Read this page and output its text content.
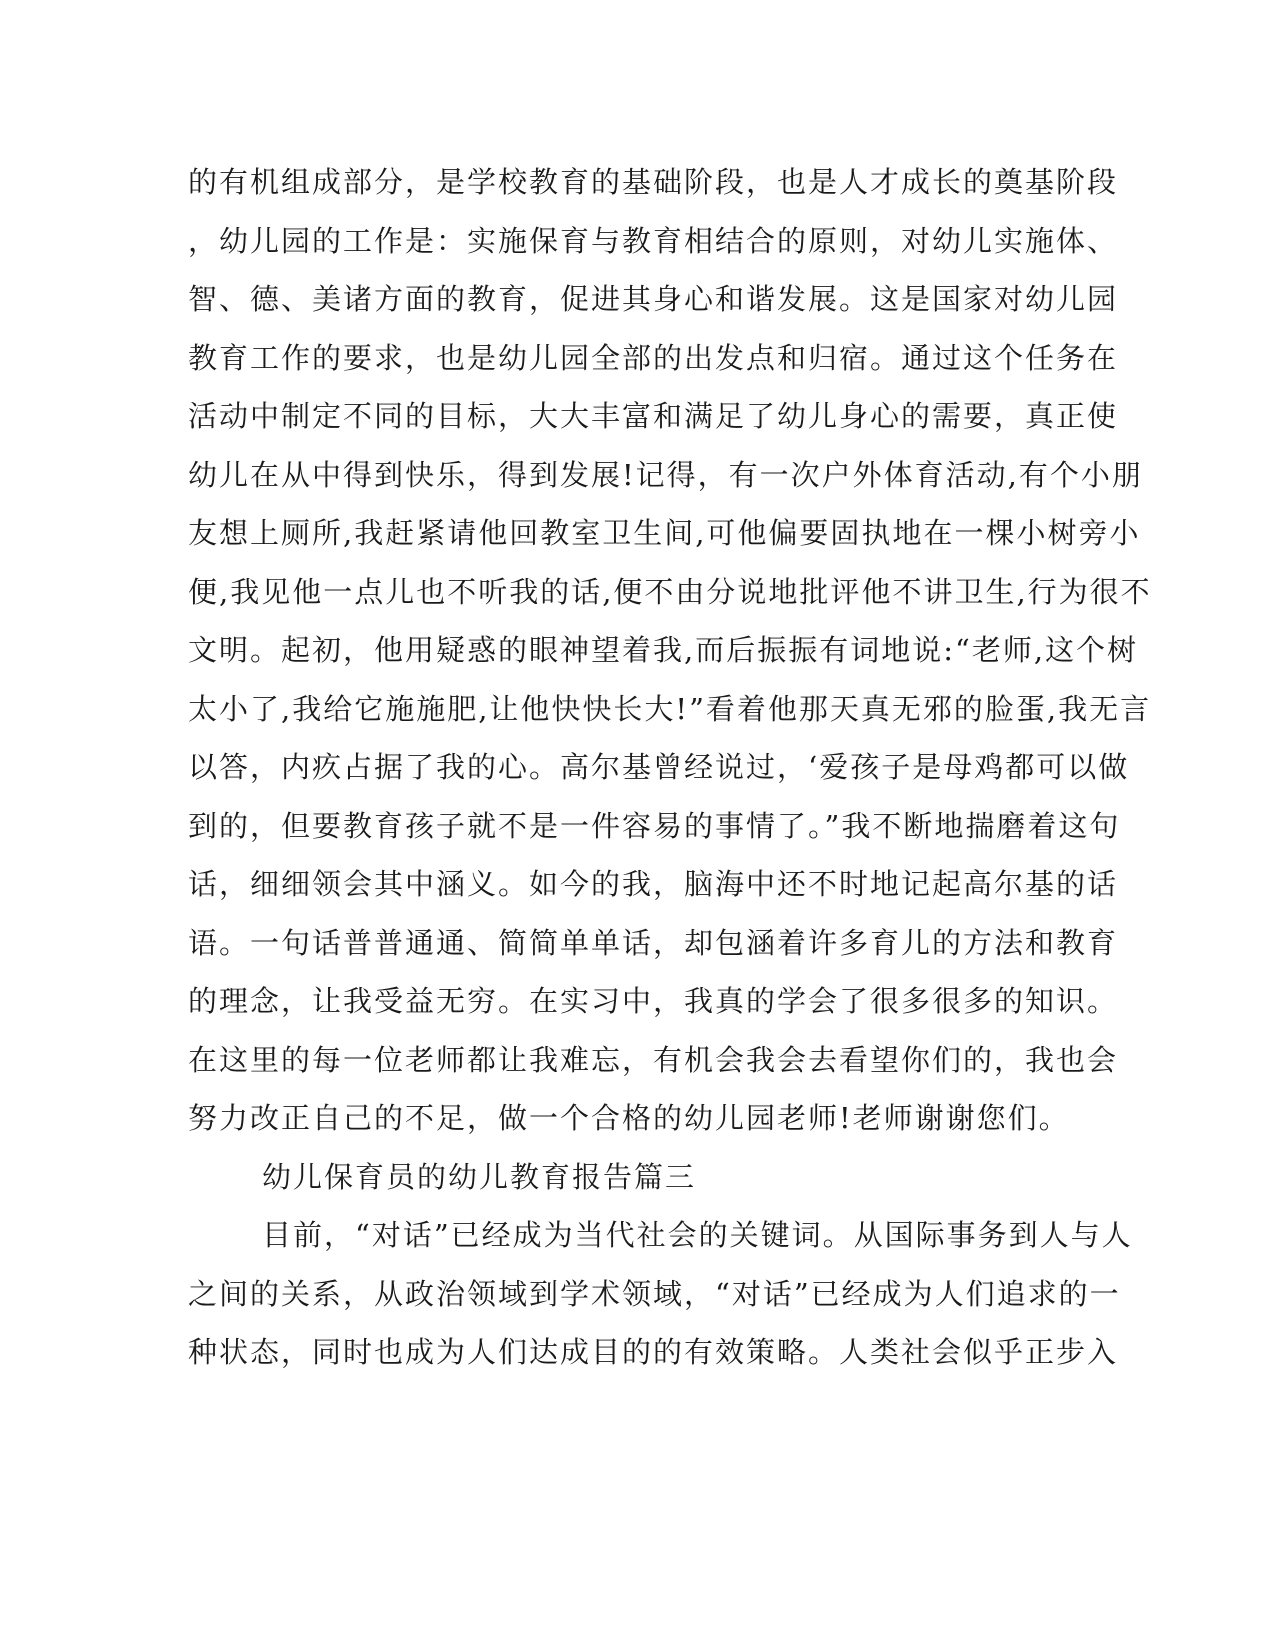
的有机组成部分，是学校教育的基础阶段，也是人才成长的奠基阶段
，幼儿园的工作是：实施保育与教育相结合的原则，对幼儿实施体、
智、德、美诸方面的教育，促进其身心和谐发展。这是国家对幼儿园
教育工作的要求，也是幼儿园全部的出发点和归宿。通过这个任务在
活动中制定不同的目标，大大丰富和满足了幼儿身心的需要，真正使
幼儿在从中得到快乐，得到发展!记得，有一次户外体育活动,有个小朋
友想上厕所,我赶紧请他回教室卫生间,可他偏要固执地在一棵小树旁小
便,我见他一点儿也不听我的话,便不由分说地批评他不讲卫生,行为很不
文明。起初，他用疑惑的眼神望着我,而后振振有词地说:“老师,这个树
太小了,我给它施施肥,让他快快长大!”看着他那天真无邪的脸蛋,我无言
以答，内疚占据了我的心。高尔基曾经说过，‘爱孩子是母鸡都可以做
到的，但要教育孩子就不是一件容易的事情了。”我不断地揣磨着这句
话，细细领会其中涵义。如今的我，脑海中还不时地记起高尔基的话
语。一句话普普通通、简简单单话，却包涵着许多育儿的方法和教育
的理念，让我受益无穷。在实习中，我真的学会了很多很多的知识。
在这里的每一位老师都让我难忘，有机会我会去看望你们的，我也会
努力改正自己的不足，做一个合格的幼儿园老师!老师谢谢您们。
幼儿保育员的幼儿教育报告篇三
目前，“对话”已经成为当代社会的关键词。从国际事务到人与人
之间的关系，从政治领域到学术领域，“对话”已经成为人们追求的一
种状态，同时也成为人们达成目的的有效策略。人类社会似乎正步入
